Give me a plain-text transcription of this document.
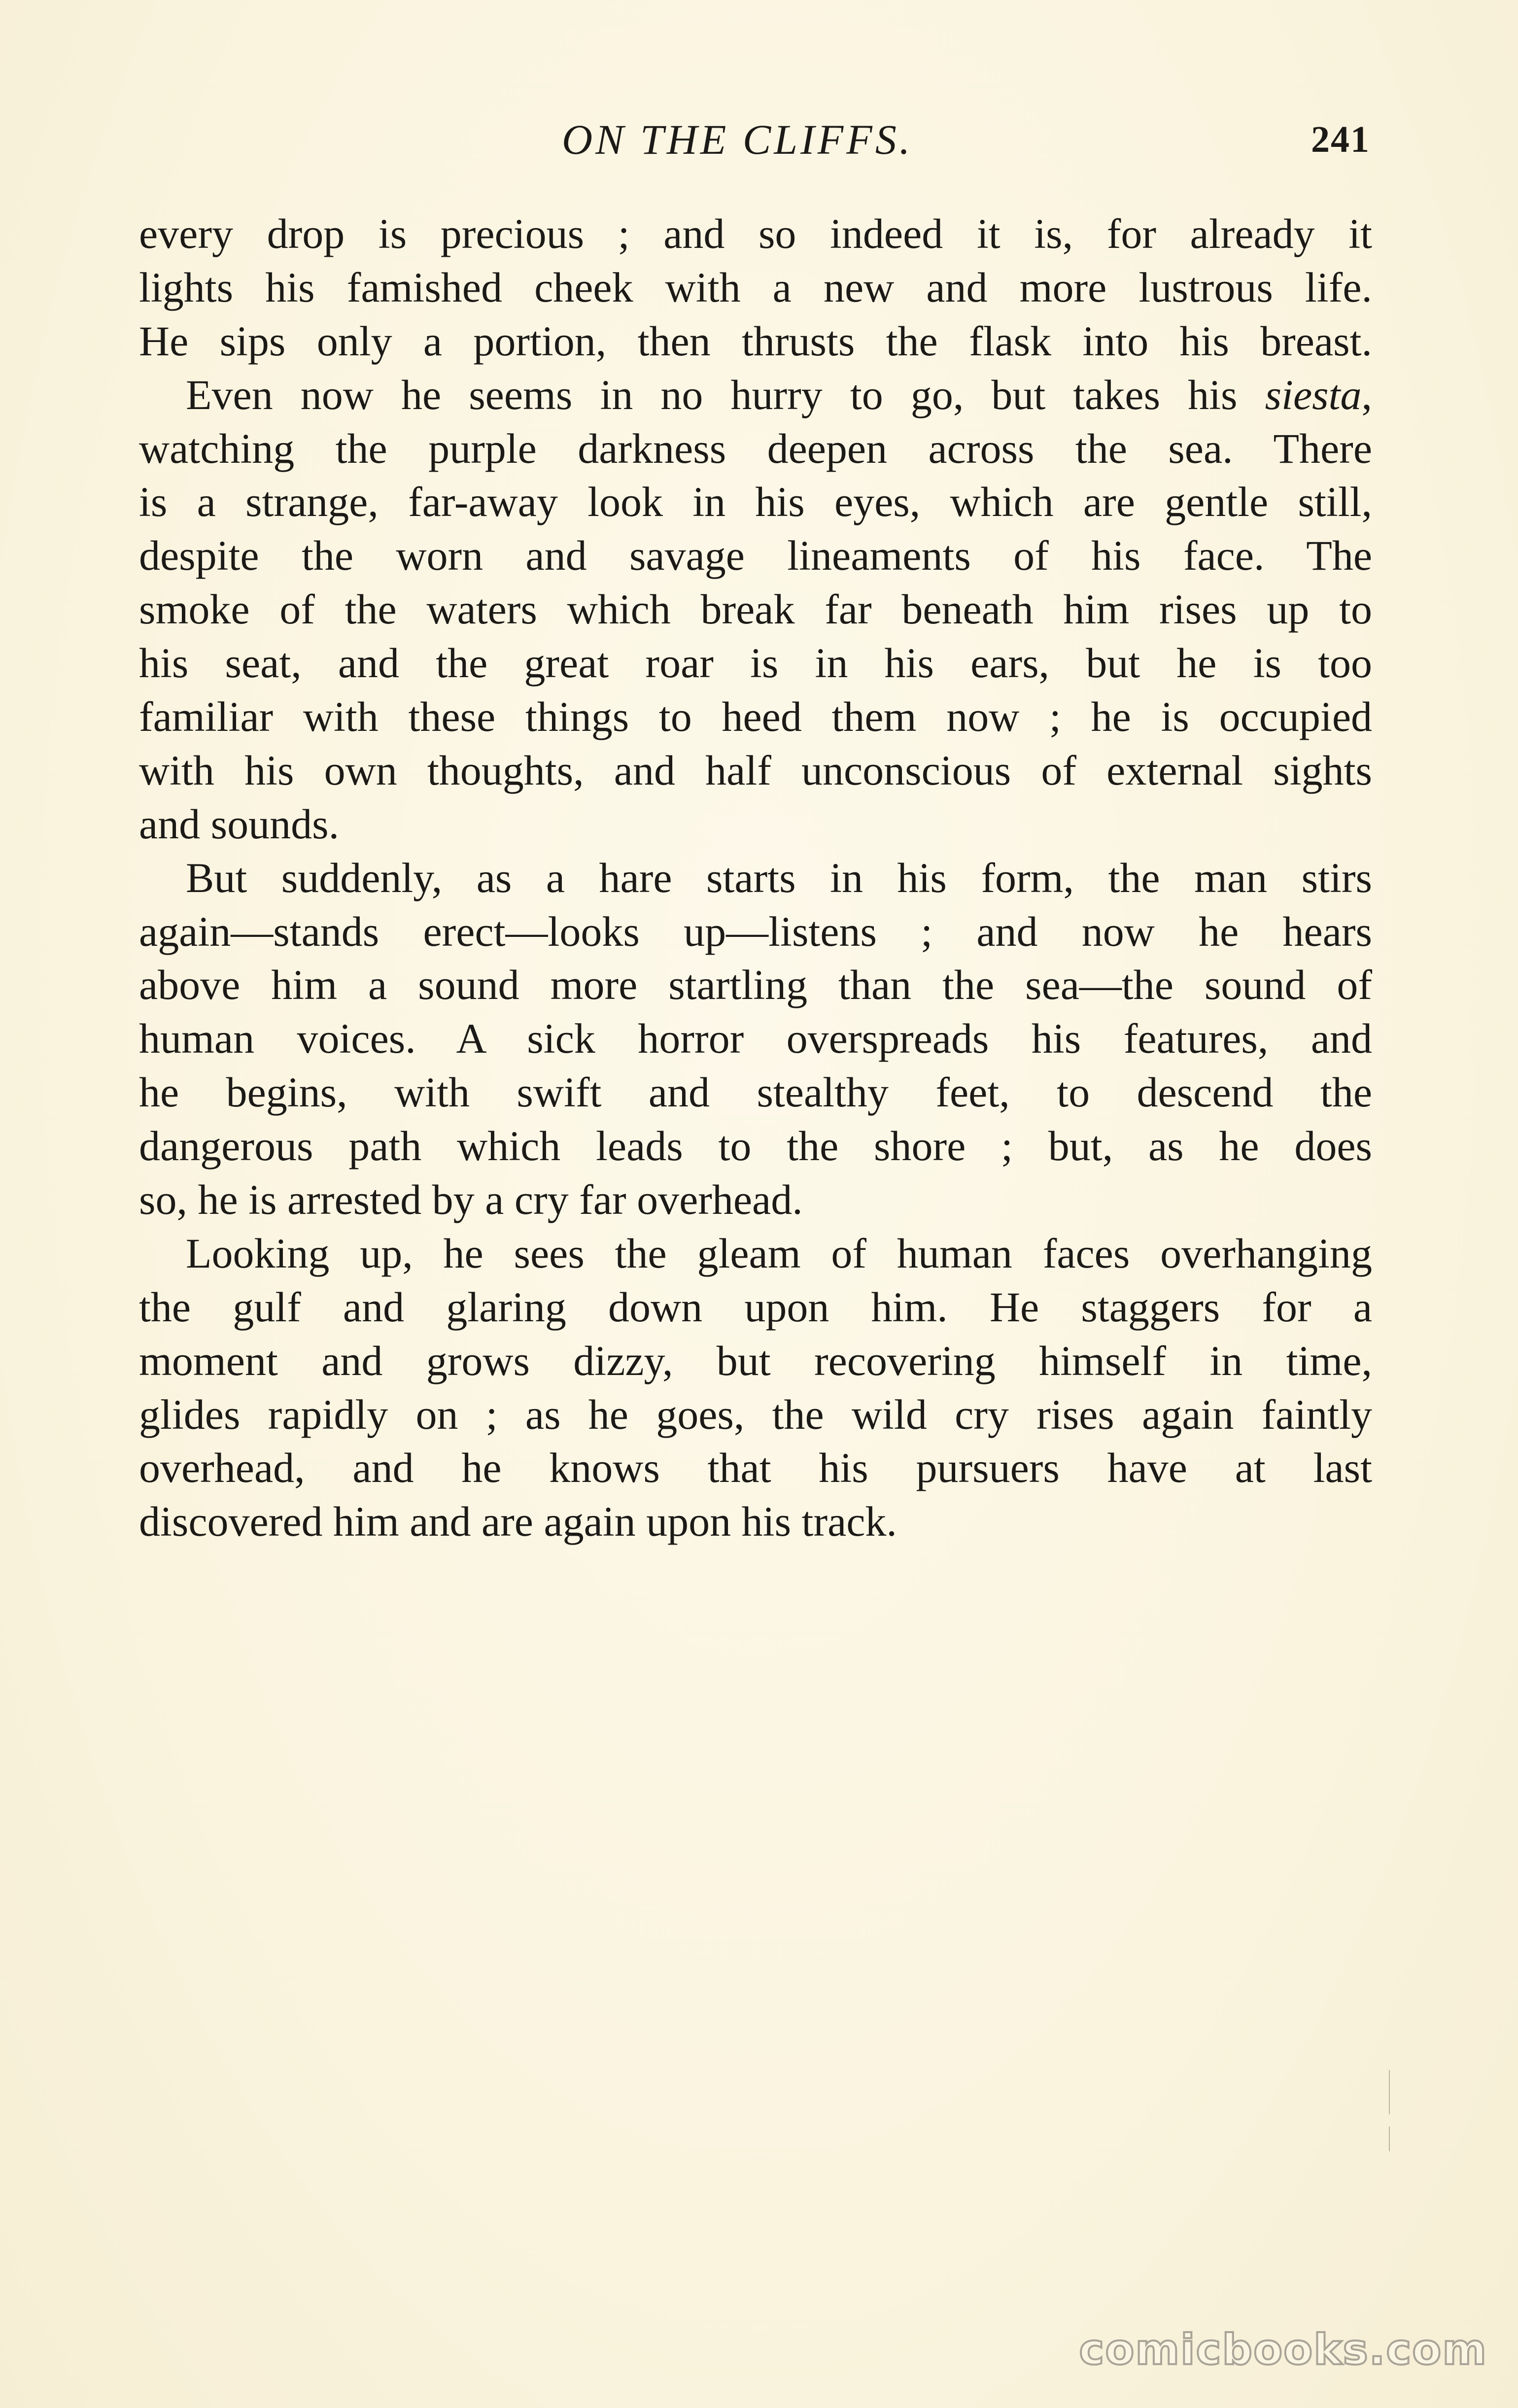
ON THE CLIFFS.	241

every drop is precious ; and so indeed it is, for already it
lights his famished cheek with a new and more lustrous life.
He sips only a portion, then thrusts the flask into his breast.

Even now he seems in no hurry to go, but takes his siesta,
watching the purple darkness deepen across the sea. There
is a strange, far-away look in his eyes, which are gentle still,
despite the worn and savage lineaments of his face. The
smoke of the waters which break far beneath him rises up to
his seat, and the great roar is in his ears, but he is too
familiar with these things to heed them now ; he is occupied
with his own thoughts, and half unconscious of external sights
and sounds.

But suddenly, as a hare starts in his form, the man stirs
again—stands erect—looks up—listens ; and now he hears
above him a sound more startling than the sea—the sound of
human voices. A sick horror overspreads his features, and
he begins, with swift and stealthy feet, to descend the
dangerous path which leads to the shore ; but, as he does
so, he is arrested by a cry far overhead.

Looking up, he sees the gleam of human faces overhanging
the gulf and glaring down upon him. He staggers for a
moment and grows dizzy, but recovering himself in time,
glides rapidly on ; as he goes, the wild cry rises again faintly
overhead, and he knows that his pursuers have at last
discovered him and are again upon his track.

comicbooks.com
